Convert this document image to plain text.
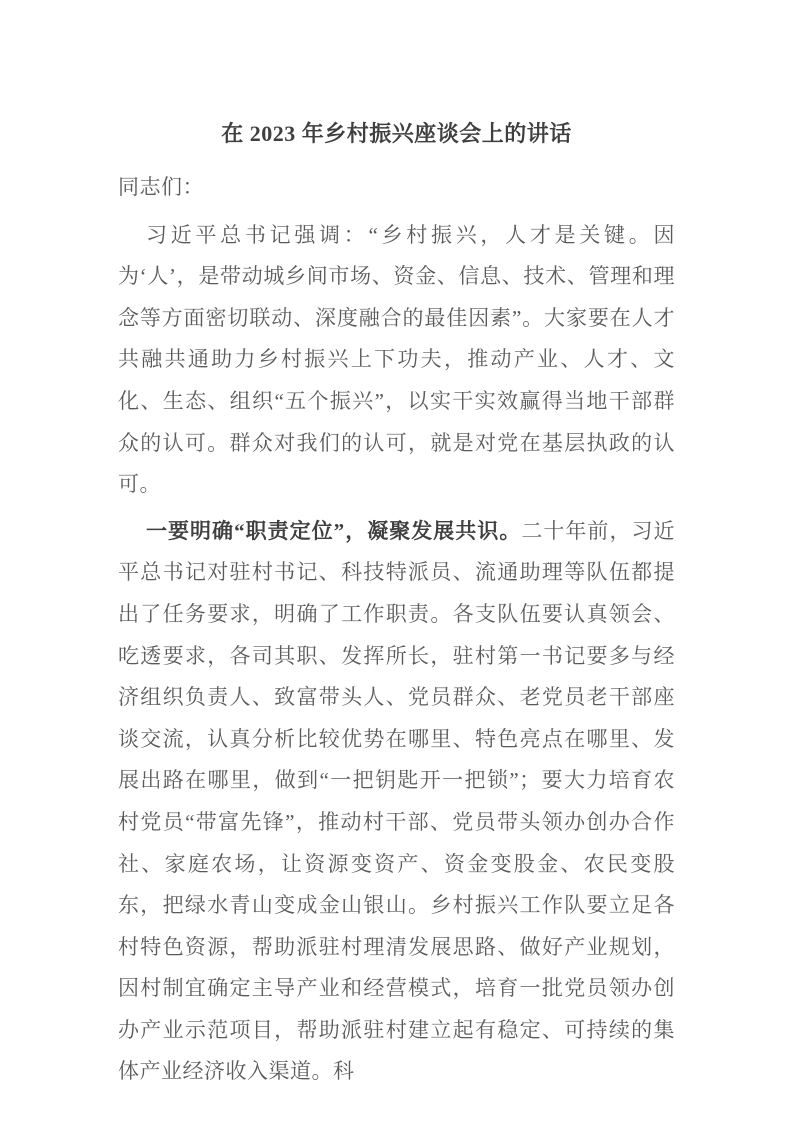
在 2023 年乡村振兴座谈会上的讲话

同志们：

习近平总书记强调：“乡村振兴，人才是关键。因为‘人’，是带动城乡间市场、资金、信息、技术、管理和理念等方面密切联动、深度融合的最佳因素”。大家要在人才共融共通助力乡村振兴上下功夫，推动产业、人才、文化、生态、组织“五个振兴”，以实干实效赢得当地干部群众的认可。群众对我们的认可，就是对党在基层执政的认可。

一要明确“职责定位”，凝聚发展共识。二十年前，习近平总书记对驻村书记、科技特派员、流通助理等队伍都提出了任务要求，明确了工作职责。各支队伍要认真领会、吃透要求，各司其职、发挥所长，驻村第一书记要多与经济组织负责人、致富带头人、党员群众、老党员老干部座谈交流，认真分析比较优势在哪里、特色亮点在哪里、发展出路在哪里，做到“一把钥匙开一把锁”；要大力培育农村党员“带富先锋”，推动村干部、党员带头领办创办合作社、家庭农场，让资源变资产、资金变股金、农民变股东，把绿水青山变成金山银山。乡村振兴工作队要立足各村特色资源，帮助派驻村理清发展思路、做好产业规划，因村制宜确定主导产业和经营模式，培育一批党员领办创办产业示范项目，帮助派驻村建立起有稳定、可持续的集体产业经济收入渠道。科
